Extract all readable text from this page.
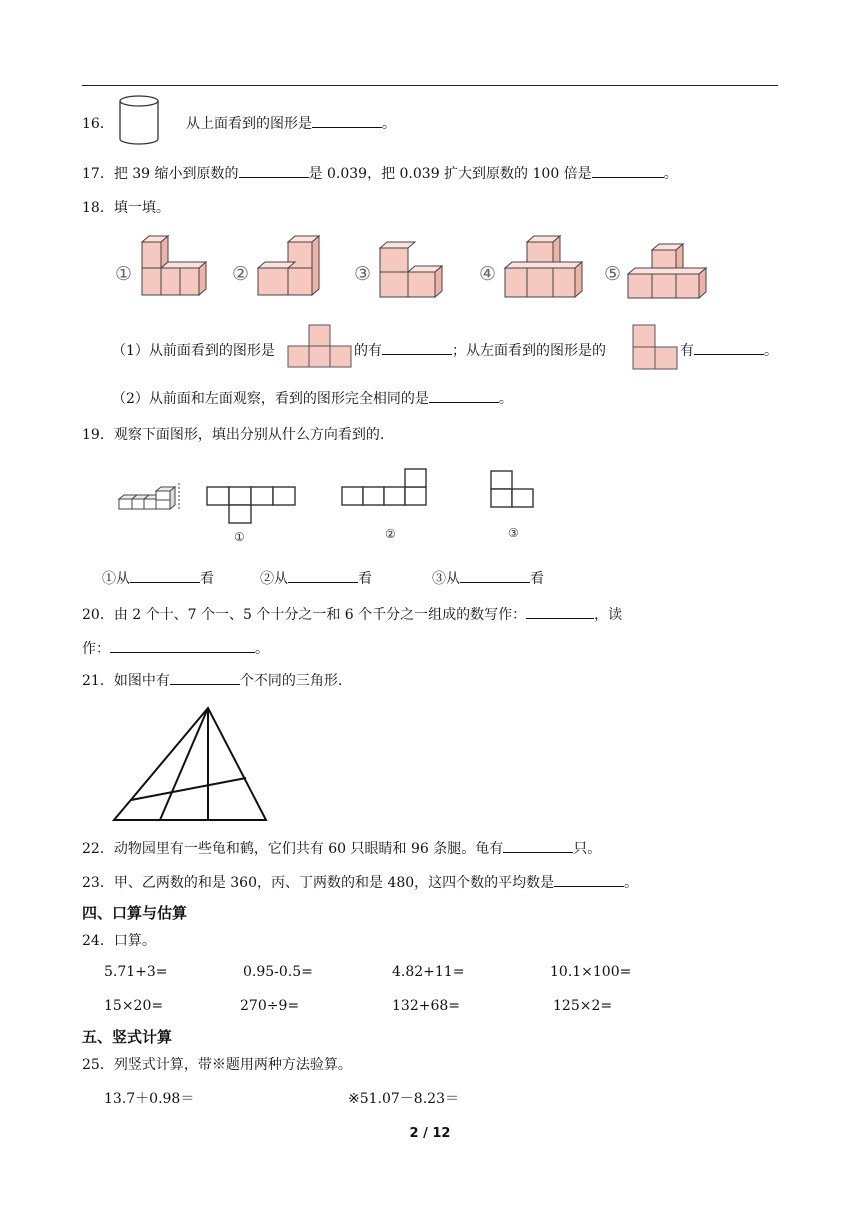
16．	从上面看到的图形是	。
17．把 39 缩小到原数的	是 0.039，把 0.039 扩大到原数的 100 倍是	。
18．填一填。
①	②	③	④	⑤
（1）从前面看到的图形是	的有	；从左面看到的图形是的	有	。
（2）从前面和左面观察，看到的图形完全相同的是	。
19．观察下面图形，填出分别从什么方向看到的.
①	②	③
①从	看	②从	看	③从	看
20．由 2 个十、7 个一、5 个十分之一和 6 个千分之一组成的数写作：	，读
作：	。
21．如图中有	个不同的三角形.
22．动物园里有一些龟和鹤，它们共有 60 只眼睛和 96 条腿。龟有	只。
23．甲、乙两数的和是 360，丙、丁两数的和是 480，这四个数的平均数是	。
四、口算与估算
24．口算。
5.71+3=	0.95-0.5=	4.82+11=	10.1×100=
15×20=	270÷9=	132+68=	125×2=
五、竖式计算
25．列竖式计算，带※题用两种方法验算。
13.7＋0.98＝	※51.07－8.23＝
2 / 12
